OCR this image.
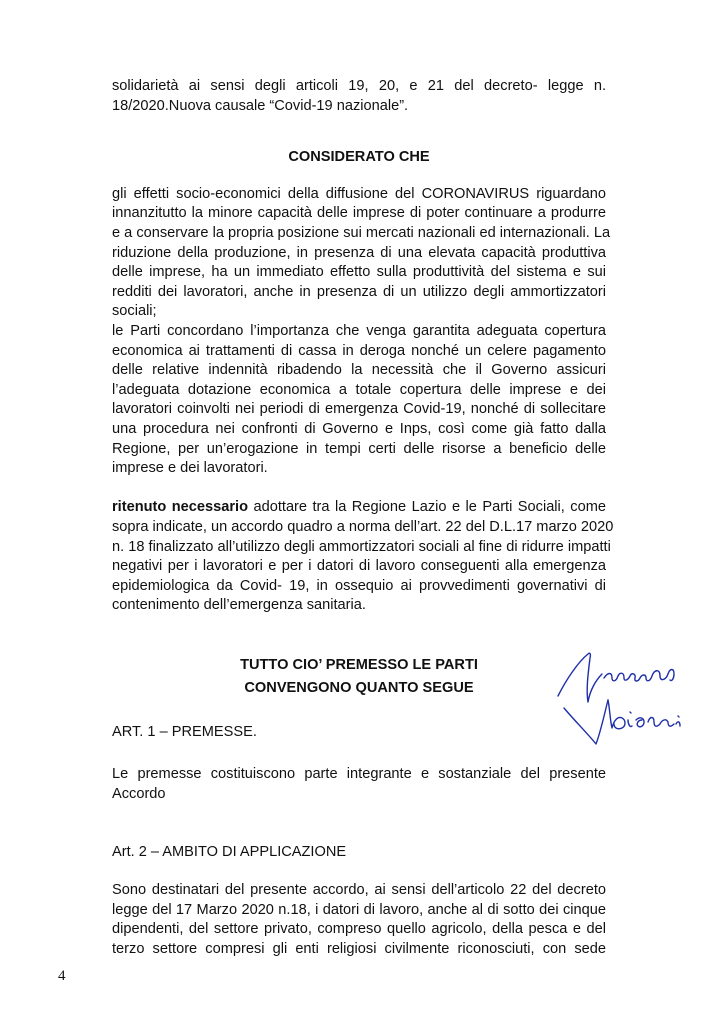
solidarietà ai sensi degli articoli 19, 20, e 21 del decreto- legge n.
18/2020.Nuova causale “Covid-19 nazionale”.
CONSIDERATO CHE
gli effetti socio-economici della diffusione del CORONAVIRUS riguardano
innanzitutto la minore capacità delle imprese di poter continuare a produrre
e a conservare la propria posizione sui mercati nazionali ed internazionali. La
riduzione della produzione, in presenza di una elevata capacità produttiva
delle imprese, ha un immediato effetto sulla produttività del sistema e sui
redditi dei lavoratori, anche in presenza di un utilizzo degli ammortizzatori
sociali;
le Parti concordano l’importanza che venga garantita adeguata copertura
economica ai trattamenti di cassa in deroga nonché un celere pagamento
delle relative indennità ribadendo la necessità che il Governo assicuri
l’adeguata dotazione economica a totale copertura delle imprese e dei
lavoratori coinvolti nei periodi di emergenza Covid-19, nonché di sollecitare
una procedura nei confronti di Governo e Inps, così come già fatto dalla
Regione, per un’erogazione in tempi certi delle risorse a beneficio delle
imprese e dei lavoratori.
ritenuto necessario adottare tra la Regione Lazio e le Parti Sociali, come
sopra indicate, un accordo quadro a norma dell’art. 22 del D.L.17 marzo 2020
n. 18 finalizzato all’utilizzo degli ammortizzatori sociali al fine di ridurre impatti
negativi per i lavoratori e per i datori di lavoro conseguenti alla emergenza
epidemiologica da Covid- 19, in ossequio ai provvedimenti governativi di
contenimento dell’emergenza sanitaria.
TUTTO CIO’ PREMESSO LE PARTI
CONVENGONO QUANTO SEGUE
ART. 1 – PREMESSE.
Le premesse costituiscono parte integrante e sostanziale del presente
Accordo
Art. 2 – AMBITO DI APPLICAZIONE
Sono destinatari del presente accordo, ai sensi dell’articolo 22 del decreto
legge del 17 Marzo 2020 n.18, i datori di lavoro, anche al di sotto dei cinque
dipendenti, del settore privato, compreso quello agricolo, della pesca e del
terzo settore compresi gli enti religiosi civilmente riconosciuti, con sede
4
